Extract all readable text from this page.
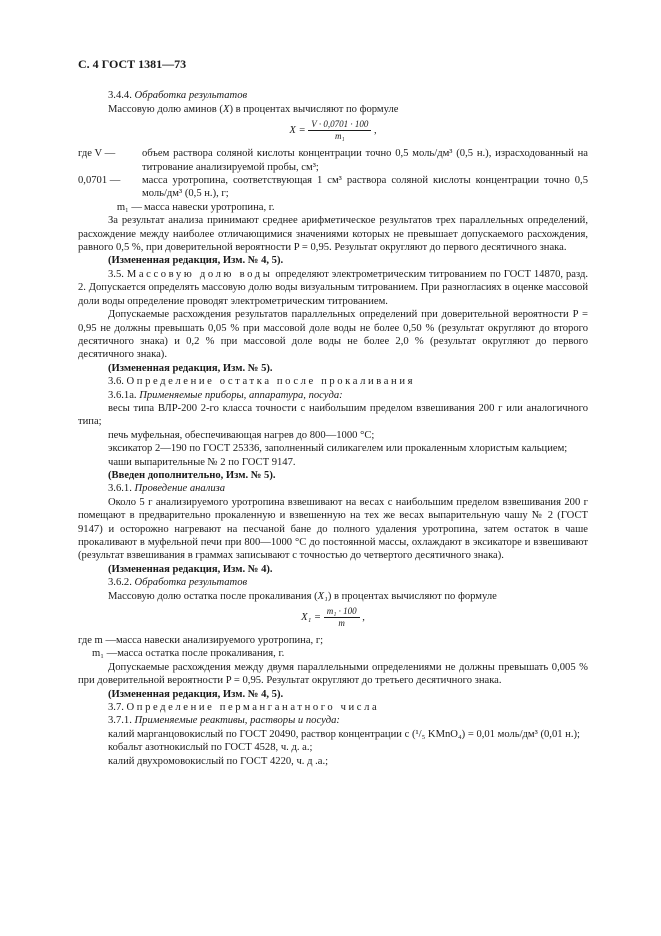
С. 4 ГОСТ 1381—73

3.4.4. Обработка результатов

Массовую долю аминов (X) в процентах вычисляют по формуле

$X = \frac{V \cdot 0,0701 \cdot 100}{\text{m₁}}$ ,
где V —	объем раствора соляной кислоты концентрации точно 0,5 моль/дм³ (0,5 н.), израсходованный на титрование анализируемой пробы, см³;
0,0701 —	масса уротропина, соответствующая 1 см³ раствора соляной кислоты концентрации точно 0,5 моль/дм³ (0,5 н.), г;
m₁ — масса навески уротропина, г.

За результат анализа принимают среднее арифметическое результатов трех параллельных определений, расхождение между наиболее отличающимися значениями которых не превышает допускаемого расхождения, равного 0,5 %, при доверительной вероятности P = 0,95. Результат округляют до первого десятичного знака.

(Измененная редакция, Изм. № 4, 5).

3.5. Массовую долю воды определяют электрометрическим титрованием по ГОСТ 14870, разд. 2. Допускается определять массовую долю воды визуальным титрованием. При разногласиях в оценке массовой доли воды определение проводят электрометрическим титрованием.

Допускаемые расхождения результатов параллельных определений при доверительной вероятности P = 0,95 не должны превышать 0,05 % при массовой доле воды не более 0,50 % (результат округляют до второго десятичного знака) и 0,2 % при массовой доле воды не более 2,0 % (результат округляют до первого десятичного знака).

(Измененная редакция, Изм. № 5).

3.6. Определение остатка после прокаливания

3.6.1а. Применяемые приборы, аппаратура, посуда:

весы типа ВЛР-200 2-го класса точности с наибольшим пределом взвешивания 200 г или аналогичного типа;

печь муфельная, обеспечивающая нагрев до 800—1000 °С;

эксикатор 2—190 по ГОСТ 25336, заполненный силикагелем или прокаленным хлористым кальцием;

чаши выпарительные № 2 по ГОСТ 9147.

(Введен дополнительно, Изм. № 5).

3.6.1. Проведение анализа

Около 5 г анализируемого уротропина взвешивают на весах с наибольшим пределом взвешивания 200 г помещают в предварительно прокаленную и взвешенную на тех же весах выпарительную чашу № 2 (ГОСТ 9147) и осторожно нагревают на песчаной бане до полного удаления уротропина, затем остаток в чаше прокаливают в муфельной печи при 800—1000 °С до постоянной массы, охлаждают в эксикаторе и взвешивают (результат взвешивания в граммах записывают с точностью до четвертого десятичного знака).

(Измененная редакция, Изм. № 4).

3.6.2. Обработка результатов

Массовую долю остатка после прокаливания (X₁) в процентах вычисляют по формуле

$X_1 = \frac{\text{m₁ · 100}}{m}$ ,
где m — масса навески анализируемого уротропина, г;
m₁ — масса остатка после прокаливания, г.

Допускаемые расхождения между двумя параллельными определениями не должны превышать 0,005 % при доверительной вероятности P = 0,95. Результат округляют до третьего десятичного знака.

(Измененная редакция, Изм. № 4, 5).

3.7. Определение перманганатного числа

3.7.1. Применяемые реактивы, растворы и посуда:

калий марганцовокислый по ГОСТ 20490, раствор концентрации с (¹/₅ KMnO₄) = 0,01 моль/дм³ (0,01 н.);

кобальт азотнокислый по ГОСТ 4528, ч. д. а.;

калий двухромовокислый по ГОСТ 4220, ч. д .а.;
